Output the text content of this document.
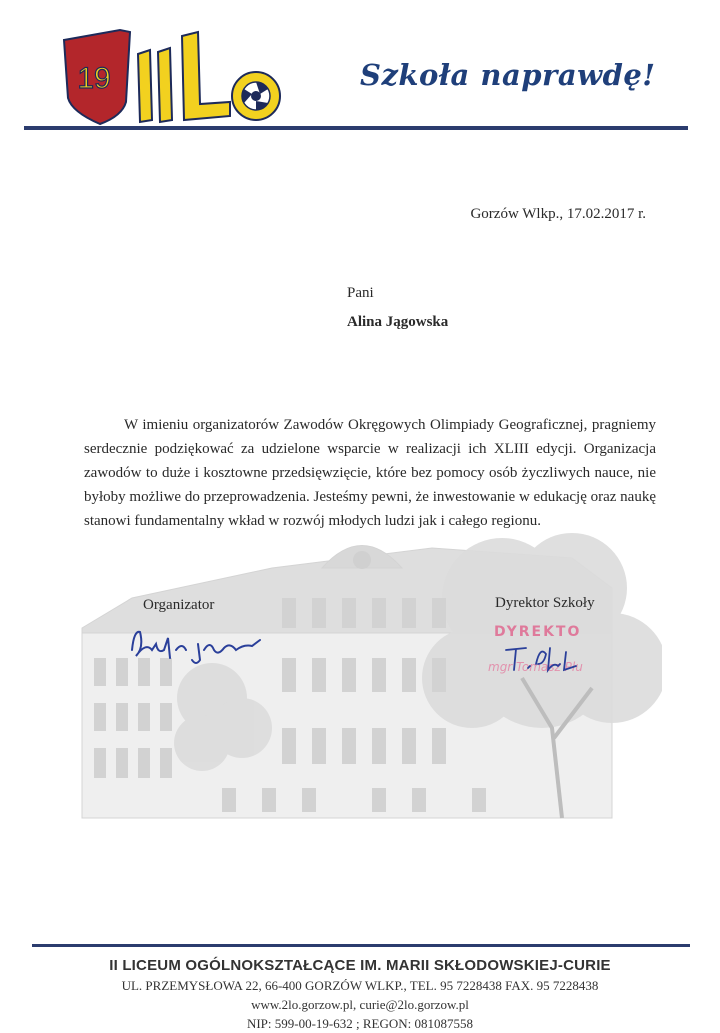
19	Szkoła naprawdę!
Gorzów Wlkp., 17.02.2017 r.
Pani
Alina Jągowska

W imieniu organizatorów Zawodów Okręgowych Olimpiady Geograficznej, pragniemy serdecznie podziękować za udzielone wsparcie w realizacji ich XLIII edycji. Organizacja zawodów to duże i kosztowne przedsięwzięcie, które bez pomocy osób życzliwych nauce, nie byłoby możliwe do przeprowadzenia. Jesteśmy pewni, że inwestowanie w edukację oraz naukę stanowi fundamentalny wkład w rozwój młodych ludzi jak i całego regionu.

Organizator	Dyrektor Szkoły
DYREKTO
mgr Tomasz Plu
II LICEUM OGÓLNOKSZTAŁCĄCE IM. MARII SKŁODOWSKIEJ-CURIE
UL. PRZEMYSŁOWA 22, 66-400 GORZÓW WLKP., TEL. 95 7228438 FAX. 95 7228438
www.2lo.gorzow.pl, curie@2lo.gorzow.pl
NIP: 599-00-19-632 ; REGON: 081087558
